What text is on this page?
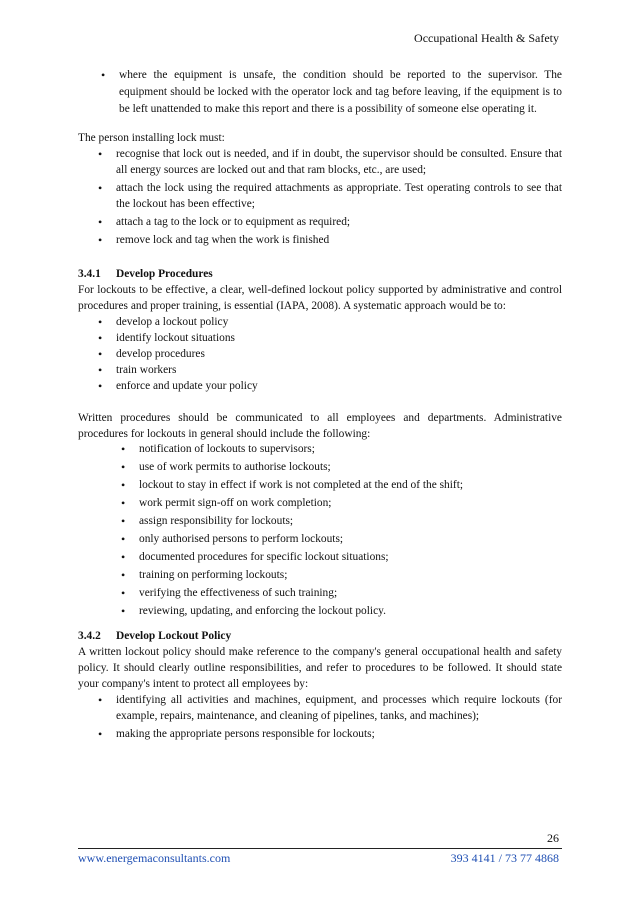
Occupational Health & Safety
• where the equipment is unsafe, the condition should be reported to the supervisor. The equipment should be locked with the operator lock and tag before leaving, if the equipment is to be left unattended to make this report and there is a possibility of someone else operating it.

The person installing lock must:

• recognise that lock out is needed, and if in doubt, the supervisor should be consulted. Ensure that all energy sources are locked out and that ram blocks, etc., are used;
• attach the lock using the required attachments as appropriate. Test operating controls to see that the lockout has been effective;
• attach a tag to the lock or to equipment as required;
• remove lock and tag when the work is finished
3.4.1 Develop Procedures

For lockouts to be effective, a clear, well-defined lockout policy supported by administrative and control procedures and proper training, is essential (IAPA, 2008). A systematic approach would be to:

• develop a lockout policy
• identify lockout situations
• develop procedures
• train workers
• enforce and update your policy

Written procedures should be communicated to all employees and departments. Administrative procedures for lockouts in general should include the following:

• notification of lockouts to supervisors;
• use of work permits to authorise lockouts;
• lockout to stay in effect if work is not completed at the end of the shift;
• work permit sign-off on work completion;
• assign responsibility for lockouts;
• only authorised persons to perform lockouts;
• documented procedures for specific lockout situations;
• training on performing lockouts;
• verifying the effectiveness of such training;
• reviewing, updating, and enforcing the lockout policy.
3.4.2 Develop Lockout Policy

A written lockout policy should make reference to the company's general occupational health and safety policy. It should clearly outline responsibilities, and refer to procedures to be followed. It should state your company's intent to protect all employees by:

• identifying all activities and machines, equipment, and processes which require lockouts (for example, repairs, maintenance, and cleaning of pipelines, tanks, and machines);
• making the appropriate persons responsible for lockouts;
26
www.energemaconsultants.com	393 4141 / 73 77 4868
